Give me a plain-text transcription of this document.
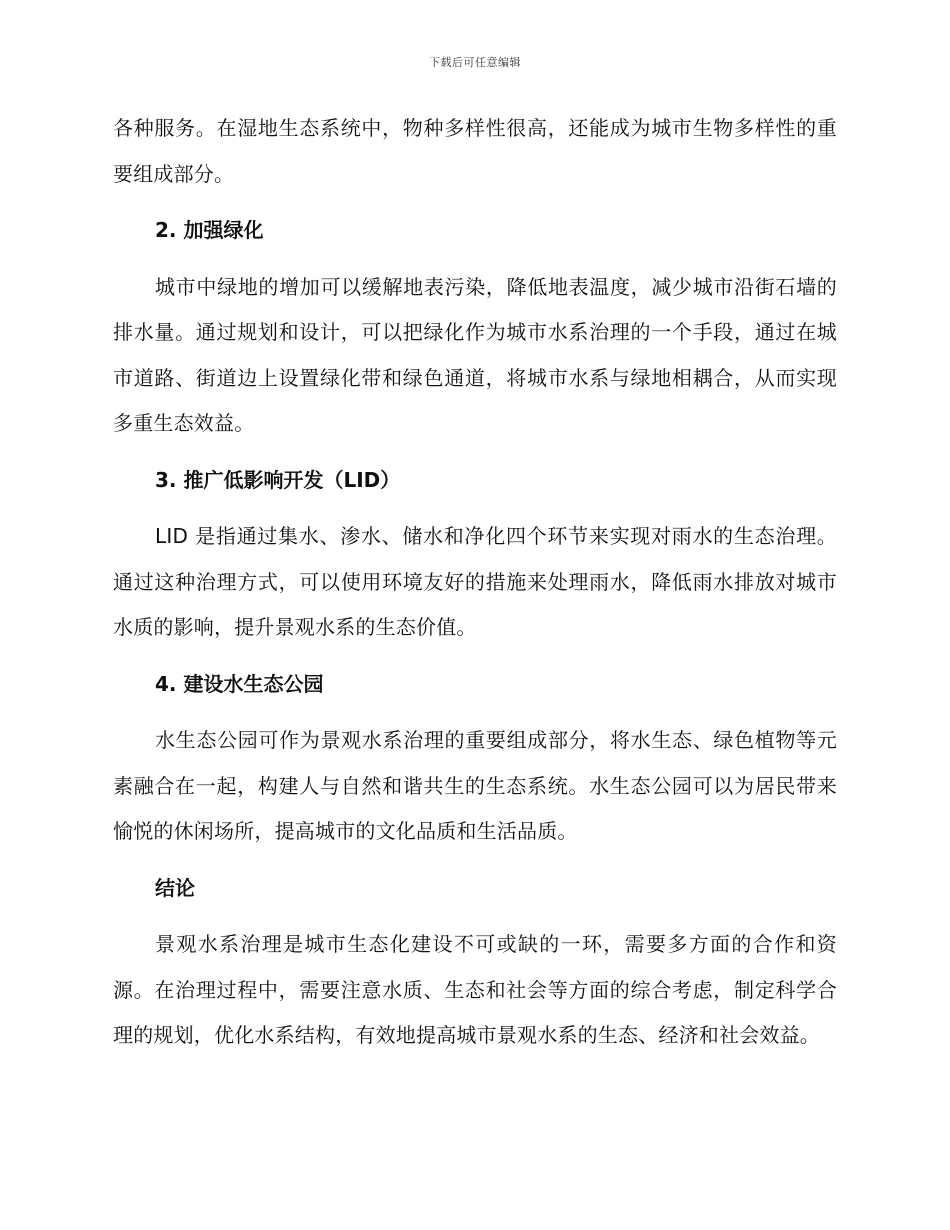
下载后可任意编辑

各种服务。在湿地生态系统中，物种多样性很高，还能成为城市生物多样性的重要组成部分。

2. 加强绿化

城市中绿地的增加可以缓解地表污染，降低地表温度，减少城市沿街石墙的排水量。通过规划和设计，可以把绿化作为城市水系治理的一个手段，通过在城市道路、街道边上设置绿化带和绿色通道，将城市水系与绿地相耦合，从而实现多重生态效益。

3. 推广低影响开发（LID）

LID 是指通过集水、渗水、储水和净化四个环节来实现对雨水的生态治理。通过这种治理方式，可以使用环境友好的措施来处理雨水，降低雨水排放对城市水质的影响，提升景观水系的生态价值。

4. 建设水生态公园

水生态公园可作为景观水系治理的重要组成部分，将水生态、绿色植物等元素融合在一起，构建人与自然和谐共生的生态系统。水生态公园可以为居民带来愉悦的休闲场所，提高城市的文化品质和生活品质。

结论

景观水系治理是城市生态化建设不可或缺的一环，需要多方面的合作和资源。在治理过程中，需要注意水质、生态和社会等方面的综合考虑，制定科学合理的规划，优化水系结构，有效地提高城市景观水系的生态、经济和社会效益。
